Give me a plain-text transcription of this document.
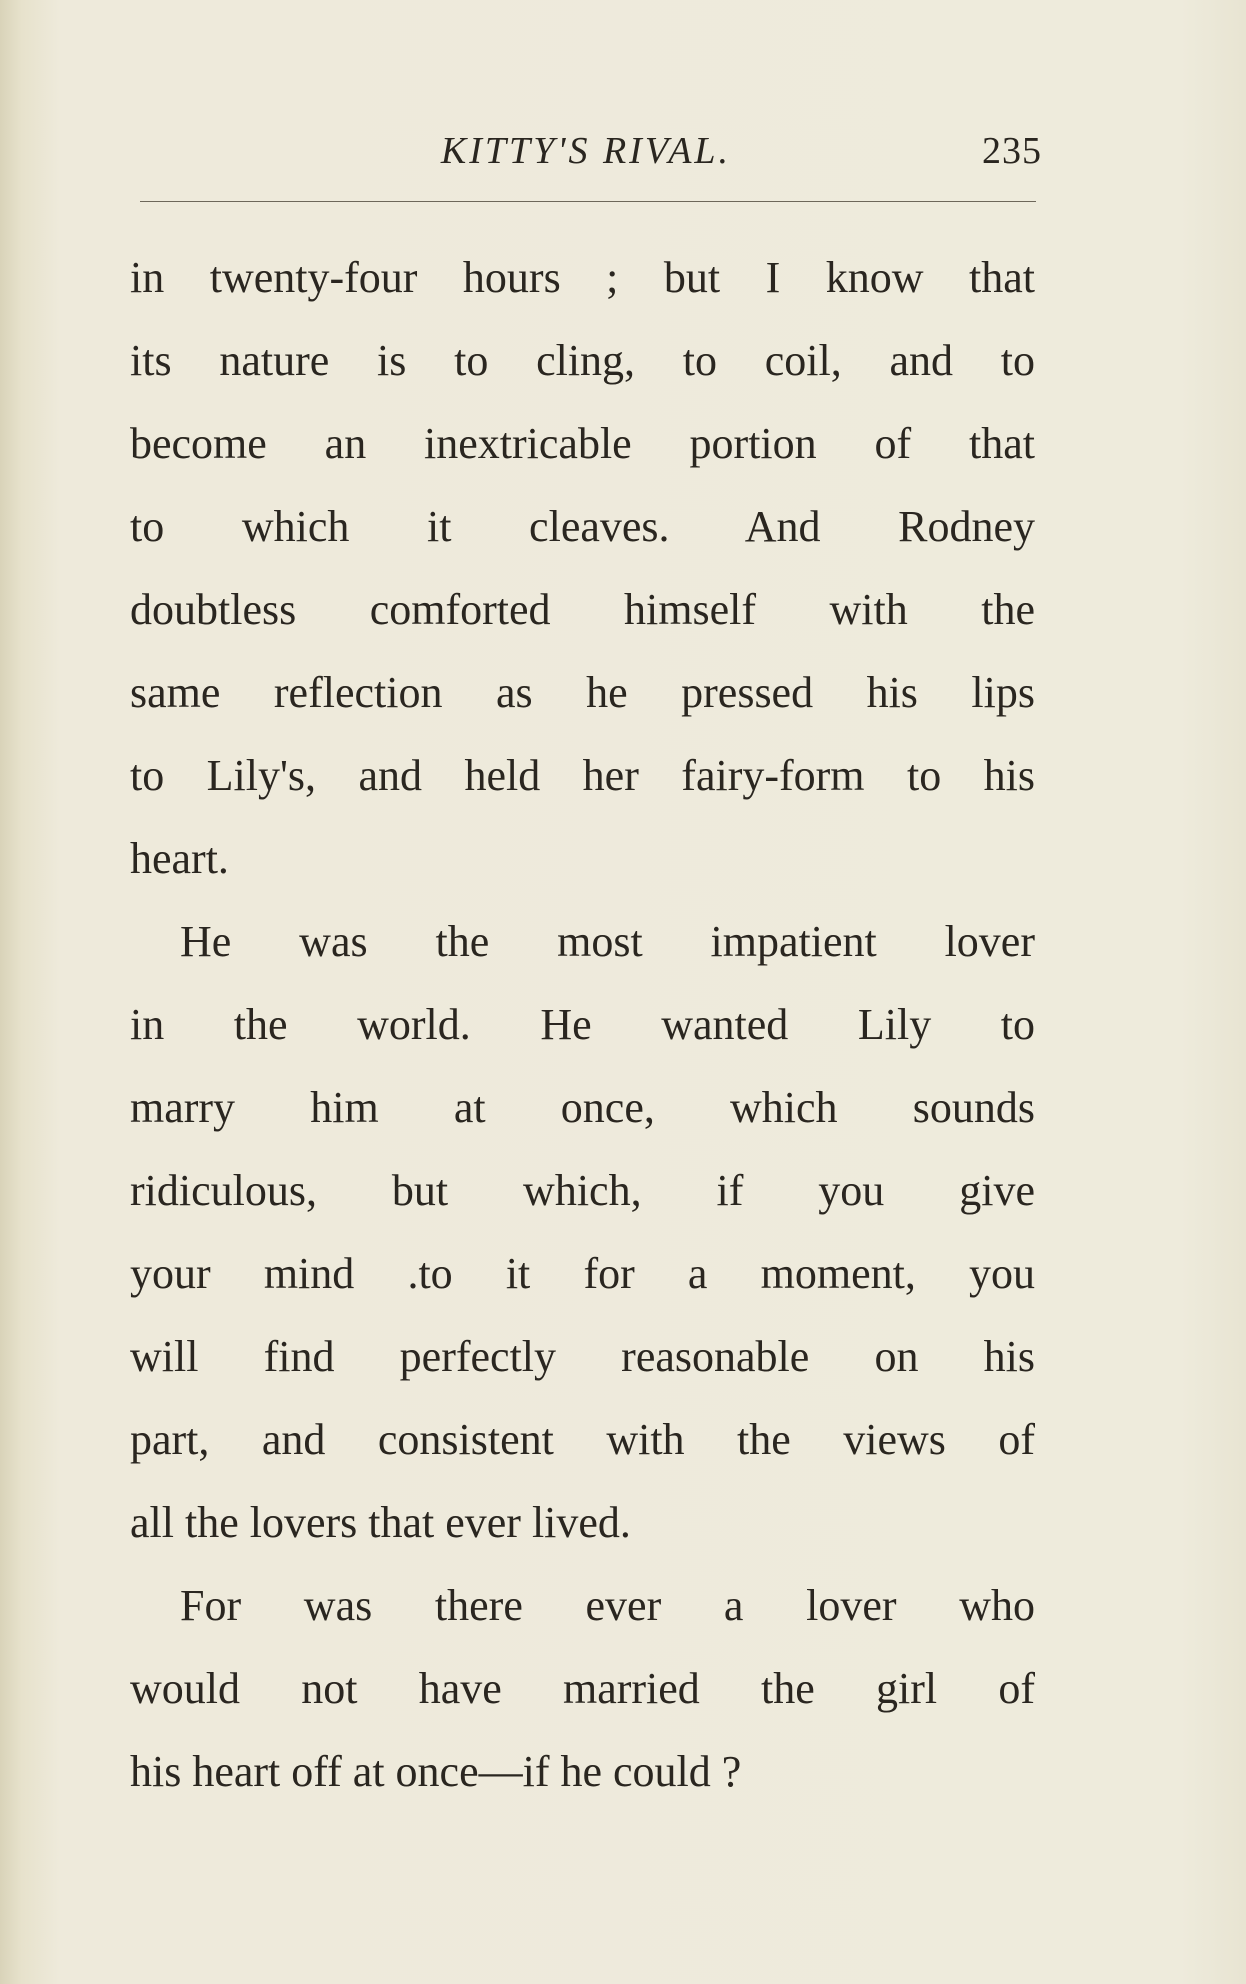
KITTY'S RIVAL.	235
in twenty-four hours ; but I know that
its nature is to cling, to coil, and to
become an inextricable portion of that
to which it cleaves. And Rodney
doubtless comforted himself with the
same reflection as he pressed his lips
to Lily's, and held her fairy-form to his
heart.
He was the most impatient lover
in the world. He wanted Lily to
marry him at once, which sounds
ridiculous, but which, if you give
your mind .to it for a moment, you
will find perfectly reasonable on his
part, and consistent with the views of
all the lovers that ever lived.
For was there ever a lover who
would not have married the girl of
his heart off at once—if he could ?
